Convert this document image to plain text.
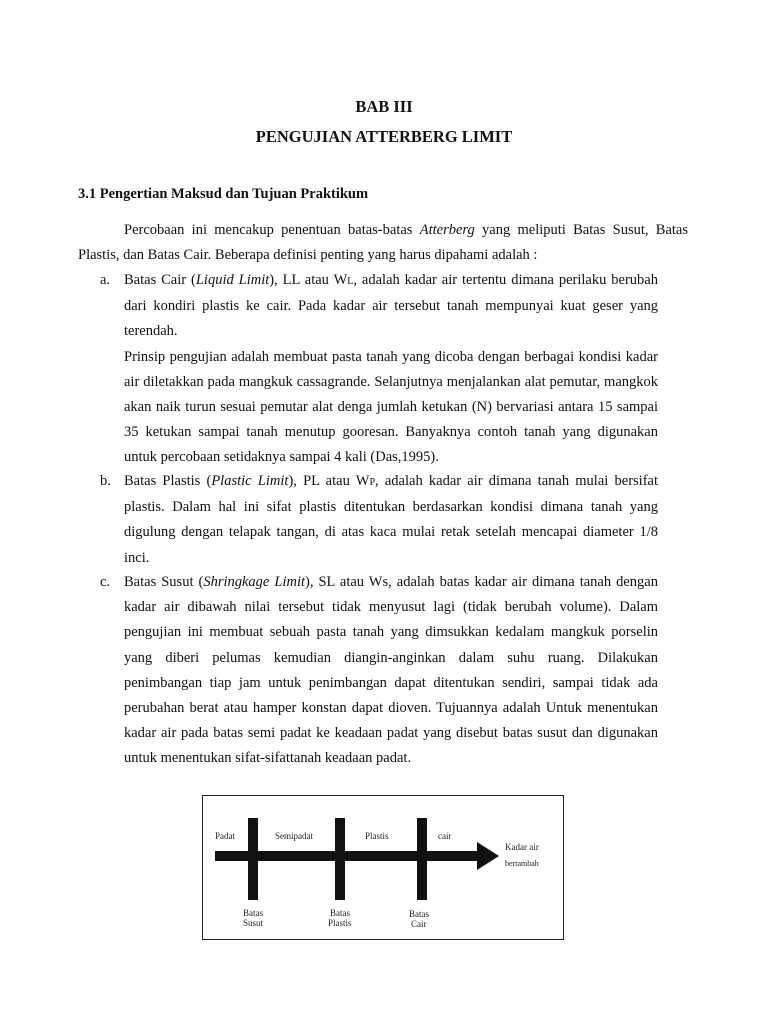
BAB III
PENGUJIAN ATTERBERG LIMIT
3.1 Pengertian Maksud dan Tujuan Praktikum
Percobaan ini mencakup penentuan batas-batas Atterberg yang meliputi Batas Susut, Batas Plastis, dan Batas Cair. Beberapa definisi penting yang harus dipahami adalah :
a. Batas Cair (Liquid Limit), LL atau WL, adalah kadar air tertentu dimana perilaku berubah dari kondiri plastis ke cair. Pada kadar air tersebut tanah mempunyai kuat geser yang terendah.

Prinsip pengujian adalah membuat pasta tanah yang dicoba dengan berbagai kondisi kadar air diletakkan pada mangkuk cassagrande. Selanjutnya menjalankan alat pemutar, mangkok akan naik turun sesuai pemutar alat denga jumlah ketukan (N) bervariasi antara 15 sampai 35 ketukan sampai tanah menutup gooresan. Banyaknya contoh tanah yang digunakan untuk percobaan setidaknya sampai 4 kali (Das,1995).

b. Batas Plastis (Plastic Limit), PL atau WP, adalah kadar air dimana tanah mulai bersifat plastis. Dalam hal ini sifat plastis ditentukan berdasarkan kondisi dimana tanah yang digulung dengan telapak tangan, di atas kaca mulai retak setelah mencapai diameter 1/8 inci.

c. Batas Susut (Shringkage Limit), SL atau Ws, adalah batas kadar air dimana tanah dengan kadar air dibawah nilai tersebut tidak menyusut lagi (tidak berubah volume). Dalam pengujian ini membuat sebuah pasta tanah yang dimsukkan kedalam mangkuk porselin yang diberi pelumas kemudian diangin-anginkan dalam suhu ruang. Dilakukan penimbangan tiap jam untuk penimbangan dapat ditentukan sendiri, sampai tidak ada perubahan berat atau hamper konstan dapat dioven. Tujuannya adalah Untuk menentukan kadar air pada batas semi padat ke keadaan padat yang disebut batas susut dan digunakan untuk menentukan sifat-sifattanah keadaan padat.

Padat	Semipadat	Plastis	cair
Kadar air
bertambah
Batas
Susut
Batas
Plastis
Batas
Cair
